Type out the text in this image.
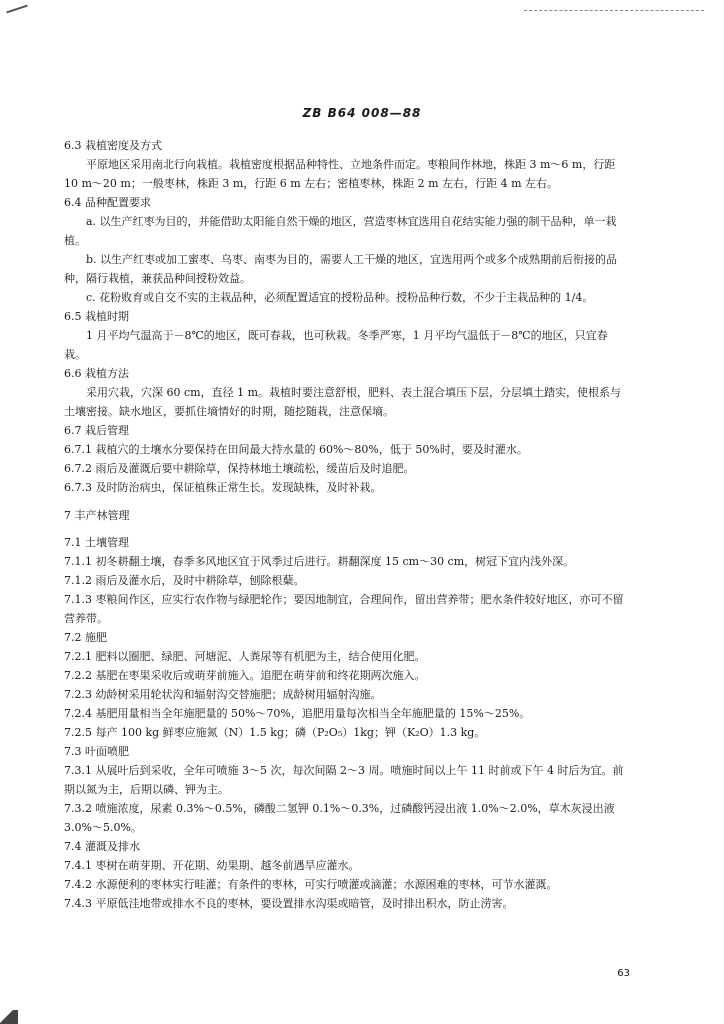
ZB B64 008—88

6.3 栽植密度及方式

平原地区采用南北行向栽植。栽植密度根据品种特性、立地条件而定。枣粮间作林地，株距 3 m～6 m，行距 10 m～20 m；一般枣林，株距 3 m，行距 6 m 左右；密植枣林，株距 2 m 左右，行距 4 m 左右。

6.4 品种配置要求

a. 以生产红枣为目的，并能借助太阳能自然干燥的地区，营造枣林宜选用自花结实能力强的制干品种，单一栽植。

b. 以生产红枣或加工蜜枣、乌枣、南枣为目的，需要人工干燥的地区，宜选用两个或多个成熟期前后衔接的品种，隔行栽植，兼获品种间授粉效益。

c. 花粉败育或自交不实的主栽品种，必须配置适宜的授粉品种。授粉品种行数，不少于主栽品种的 1/4。

6.5 栽植时期

1 月平均气温高于－8℃的地区，既可春栽，也可秋栽。冬季严寒，1 月平均气温低于－8℃的地区，只宜春栽。

6.6 栽植方法

采用穴栽，穴深 60 cm，直径 1 m。栽植时要注意舒根，肥料、表土混合填压下层，分层填土踏实，使根系与土壤密接。缺水地区，要抓住墒情好的时期，随挖随栽，注意保墒。

6.7 栽后管理

6.7.1 栽植穴的土壤水分要保持在田间最大持水量的 60%～80%，低于 50%时，要及时灌水。

6.7.2 雨后及灌溉后要中耕除草，保持林地土壤疏松，缓苗后及时追肥。

6.7.3 及时防治病虫，保证植株正常生长。发现缺株，及时补栽。

7 丰产林管理

7.1 土壤管理

7.1.1 初冬耕翻土壤，春季多风地区宜于风季过后进行。耕翻深度 15 cm～30 cm，树冠下宜内浅外深。

7.1.2 雨后及灌水后，及时中耕除草，刨除根蘖。

7.1.3 枣粮间作区，应实行农作物与绿肥轮作；要因地制宜，合理间作，留出营养带；肥水条件较好地区，亦可不留营养带。

7.2 施肥

7.2.1 肥料以圈肥、绿肥、河塘泥、人粪尿等有机肥为主，结合使用化肥。

7.2.2 基肥在枣果采收后或萌芽前施入。追肥在萌芽前和终花期两次施入。

7.2.3 幼龄树采用轮状沟和辐射沟交替施肥；成龄树用辐射沟施。

7.2.4 基肥用量相当全年施肥量的 50%～70%，追肥用量每次相当全年施肥量的 15%～25%。

7.2.5 每产 100 kg 鲜枣应施氮（N）1.5 kg；磷（P₂O₅）1kg；钾（K₂O）1.3 kg。

7.3 叶面喷肥

7.3.1 从展叶后到采收，全年可喷施 3～5 次，每次间隔 2～3 周。喷施时间以上午 11 时前或下午 4 时后为宜。前期以氮为主，后期以磷、钾为主。

7.3.2 喷施浓度，尿素 0.3%～0.5%，磷酸二氢钾 0.1%～0.3%，过磷酸钙浸出液 1.0%～2.0%，草木灰浸出液 3.0%～5.0%。

7.4 灌溉及排水

7.4.1 枣树在萌芽期、开花期、幼果期、越冬前遇旱应灌水。

7.4.2 水源便利的枣林实行畦灌；有条件的枣林，可实行喷灌或滴灌；水源困难的枣林，可节水灌溉。

7.4.3 平原低洼地带或排水不良的枣林，要设置排水沟渠或暗管，及时排出积水，防止涝害。

63
